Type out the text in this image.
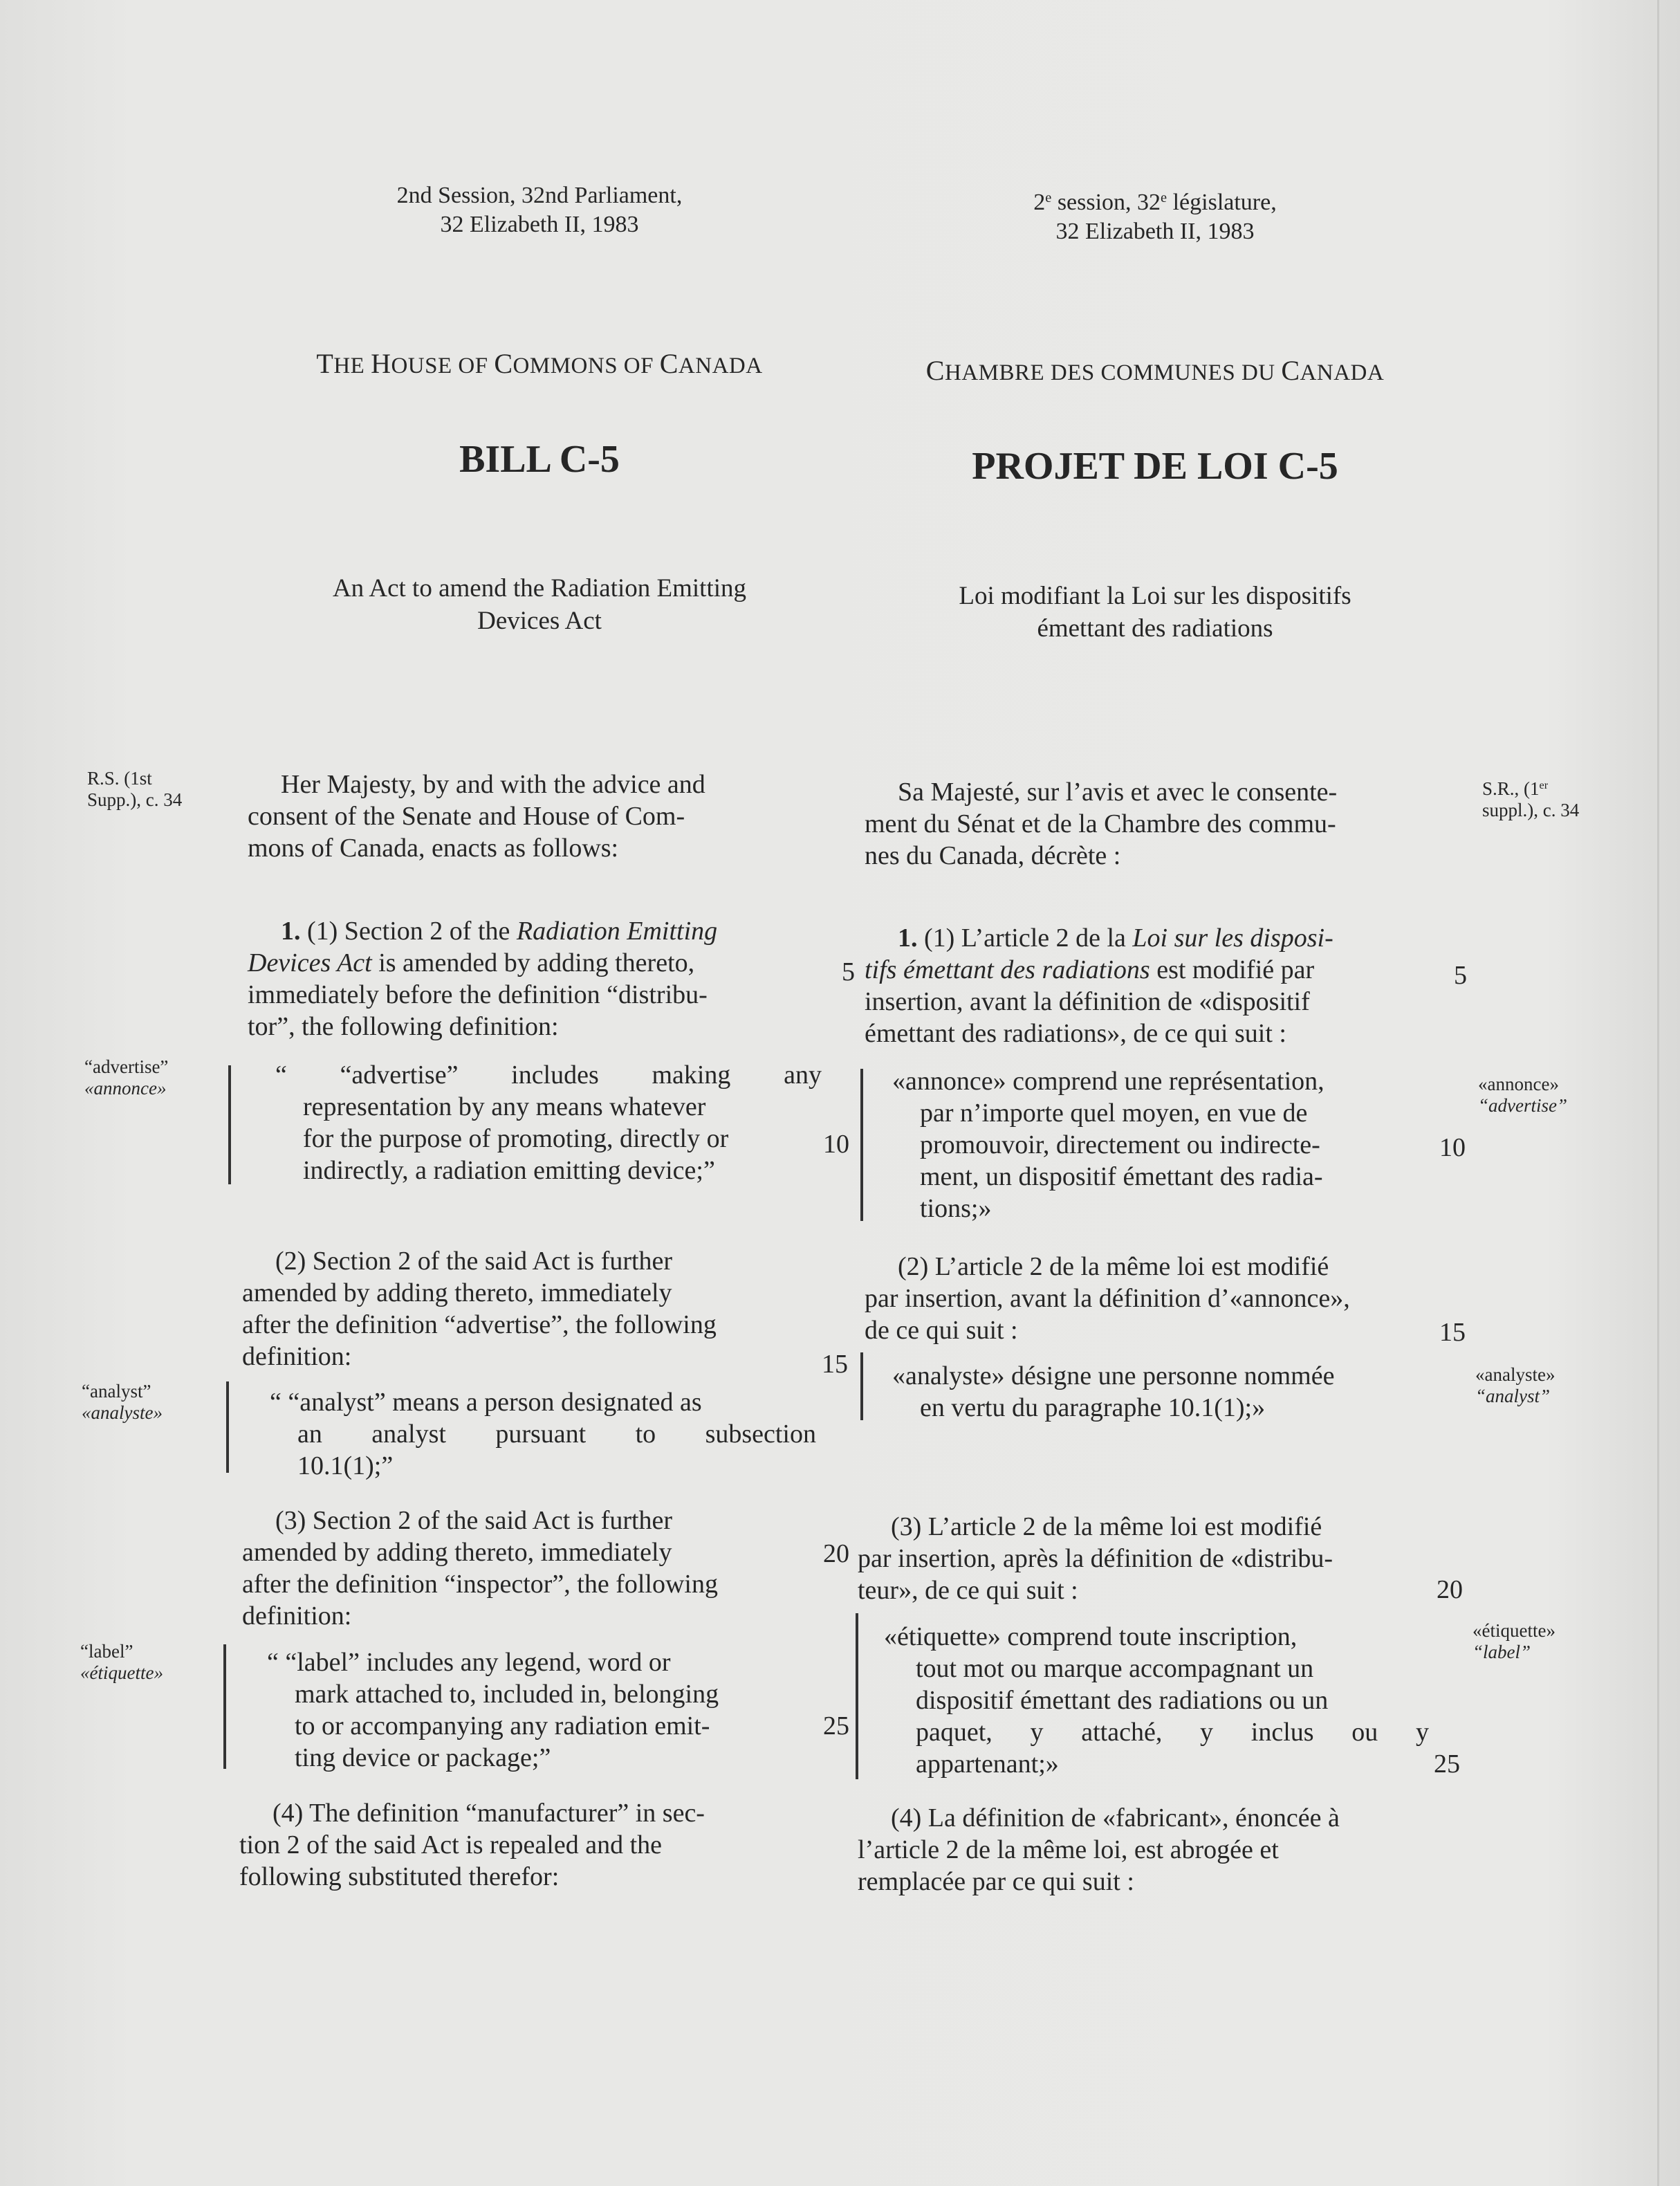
2nd Session, 32nd Parliament,
32 Elizabeth II, 1983
2e session, 32e législature,
32 Elizabeth II, 1983
THE HOUSE OF COMMONS OF CANADA	CHAMBRE DES COMMUNES DU CANADA
BILL C-5	PROJET DE LOI C-5
An Act to amend the Radiation Emitting
Devices Act
Loi modifiant la Loi sur les dispositifs
émettant des radiations
R.S. (1st
Supp.), c. 34
“advertise”
«annonce»
“analyst”
«analyste»
“label”
«étiquette»
S.R., (1er
suppl.), c. 34
«annonce»
“advertise”
«analyste»
“analyst”
«étiquette»
“label”
5	5
10	10
15
15
20
20
25
25
Her Majesty, by and with the advice and
consent of the Senate and House of Com-
mons of Canada, enacts as follows:
1. (1) Section 2 of the Radiation Emitting
Devices Act is amended by adding thereto,
immediately before the definition “distribu-
tor”, the following definition:
“ “advertise” includes making any
representation by any means whatever
for the purpose of promoting, directly or
indirectly, a radiation emitting device;”
(2) Section 2 of the said Act is further
amended by adding thereto, immediately
after the definition “advertise”, the following
definition:
“ “analyst” means a person designated as
an analyst pursuant to subsection
10.1(1);”
(3) Section 2 of the said Act is further
amended by adding thereto, immediately
after the definition “inspector”, the following
definition:
“ “label” includes any legend, word or
mark attached to, included in, belonging
to or accompanying any radiation emit-
ting device or package;”
(4) The definition “manufacturer” in sec-
tion 2 of the said Act is repealed and the
following substituted therefor:
Sa Majesté, sur l’avis et avec le consente-
ment du Sénat et de la Chambre des commu-
nes du Canada, décrète :
1. (1) L’article 2 de la Loi sur les disposi-
tifs émettant des radiations est modifié par
insertion, avant la définition de «dispositif
émettant des radiations», de ce qui suit :
«annonce» comprend une représentation,
par n’importe quel moyen, en vue de
promouvoir, directement ou indirecte-
ment, un dispositif émettant des radia-
tions;»
(2) L’article 2 de la même loi est modifié
par insertion, avant la définition d’«annonce»,
de ce qui suit :
«analyste» désigne une personne nommée
en vertu du paragraphe 10.1(1);»
(3) L’article 2 de la même loi est modifié
par insertion, après la définition de «distribu-
teur», de ce qui suit :
«étiquette» comprend toute inscription,
tout mot ou marque accompagnant un
dispositif émettant des radiations ou un
paquet, y attaché, y inclus ou y
appartenant;»
(4) La définition de «fabricant», énoncée à
l’article 2 de la même loi, est abrogée et
remplacée par ce qui suit :
